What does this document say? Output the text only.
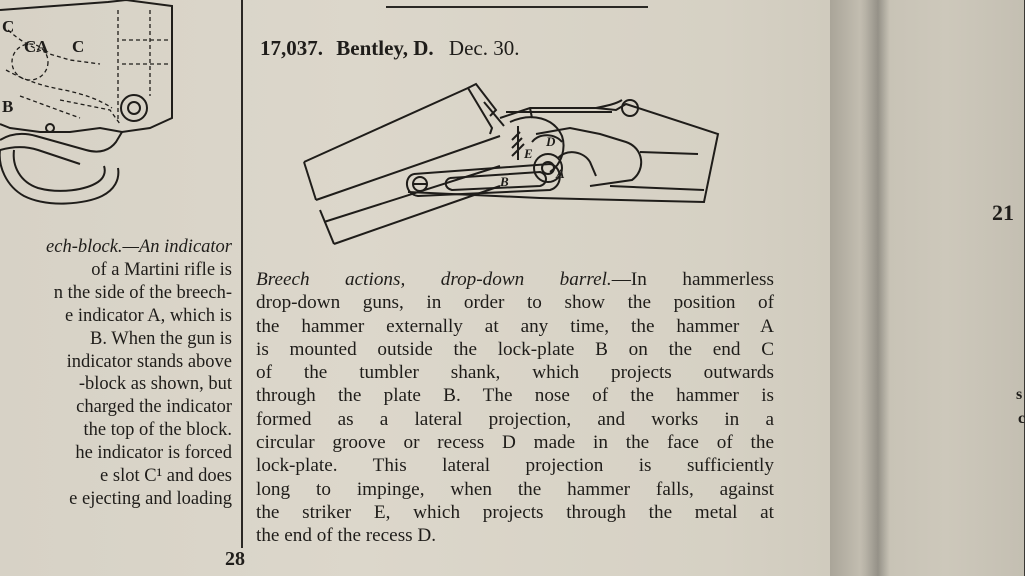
C
A
C C
B
ech-block.—An indicator
of a Martini rifle is
n the side of the breech-
e indicator A, which is
B. When the gun is
indicator stands above
-block as shown, but
charged the indicator
the top of the block.
he indicator is forced
e slot C¹ and does
e ejecting and loading
17,037. Bentley, D. Dec. 30.
B
A
D
E
Breech actions, drop-down barrel.—In hammerless
drop-down guns, in order to show the position of
the hammer externally at any time, the hammer A
is mounted outside the lock-plate B on the end C
of the tumbler shank, which projects outwards
through the plate B. The nose of the hammer is
formed as a lateral projection, and works in a
circular groove or recess D made in the face of the
lock-plate. This lateral projection is sufficiently
long to impinge, when the hammer falls, against
the striker E, which projects through the metal at
the end of the recess D.
28
21
s
c
